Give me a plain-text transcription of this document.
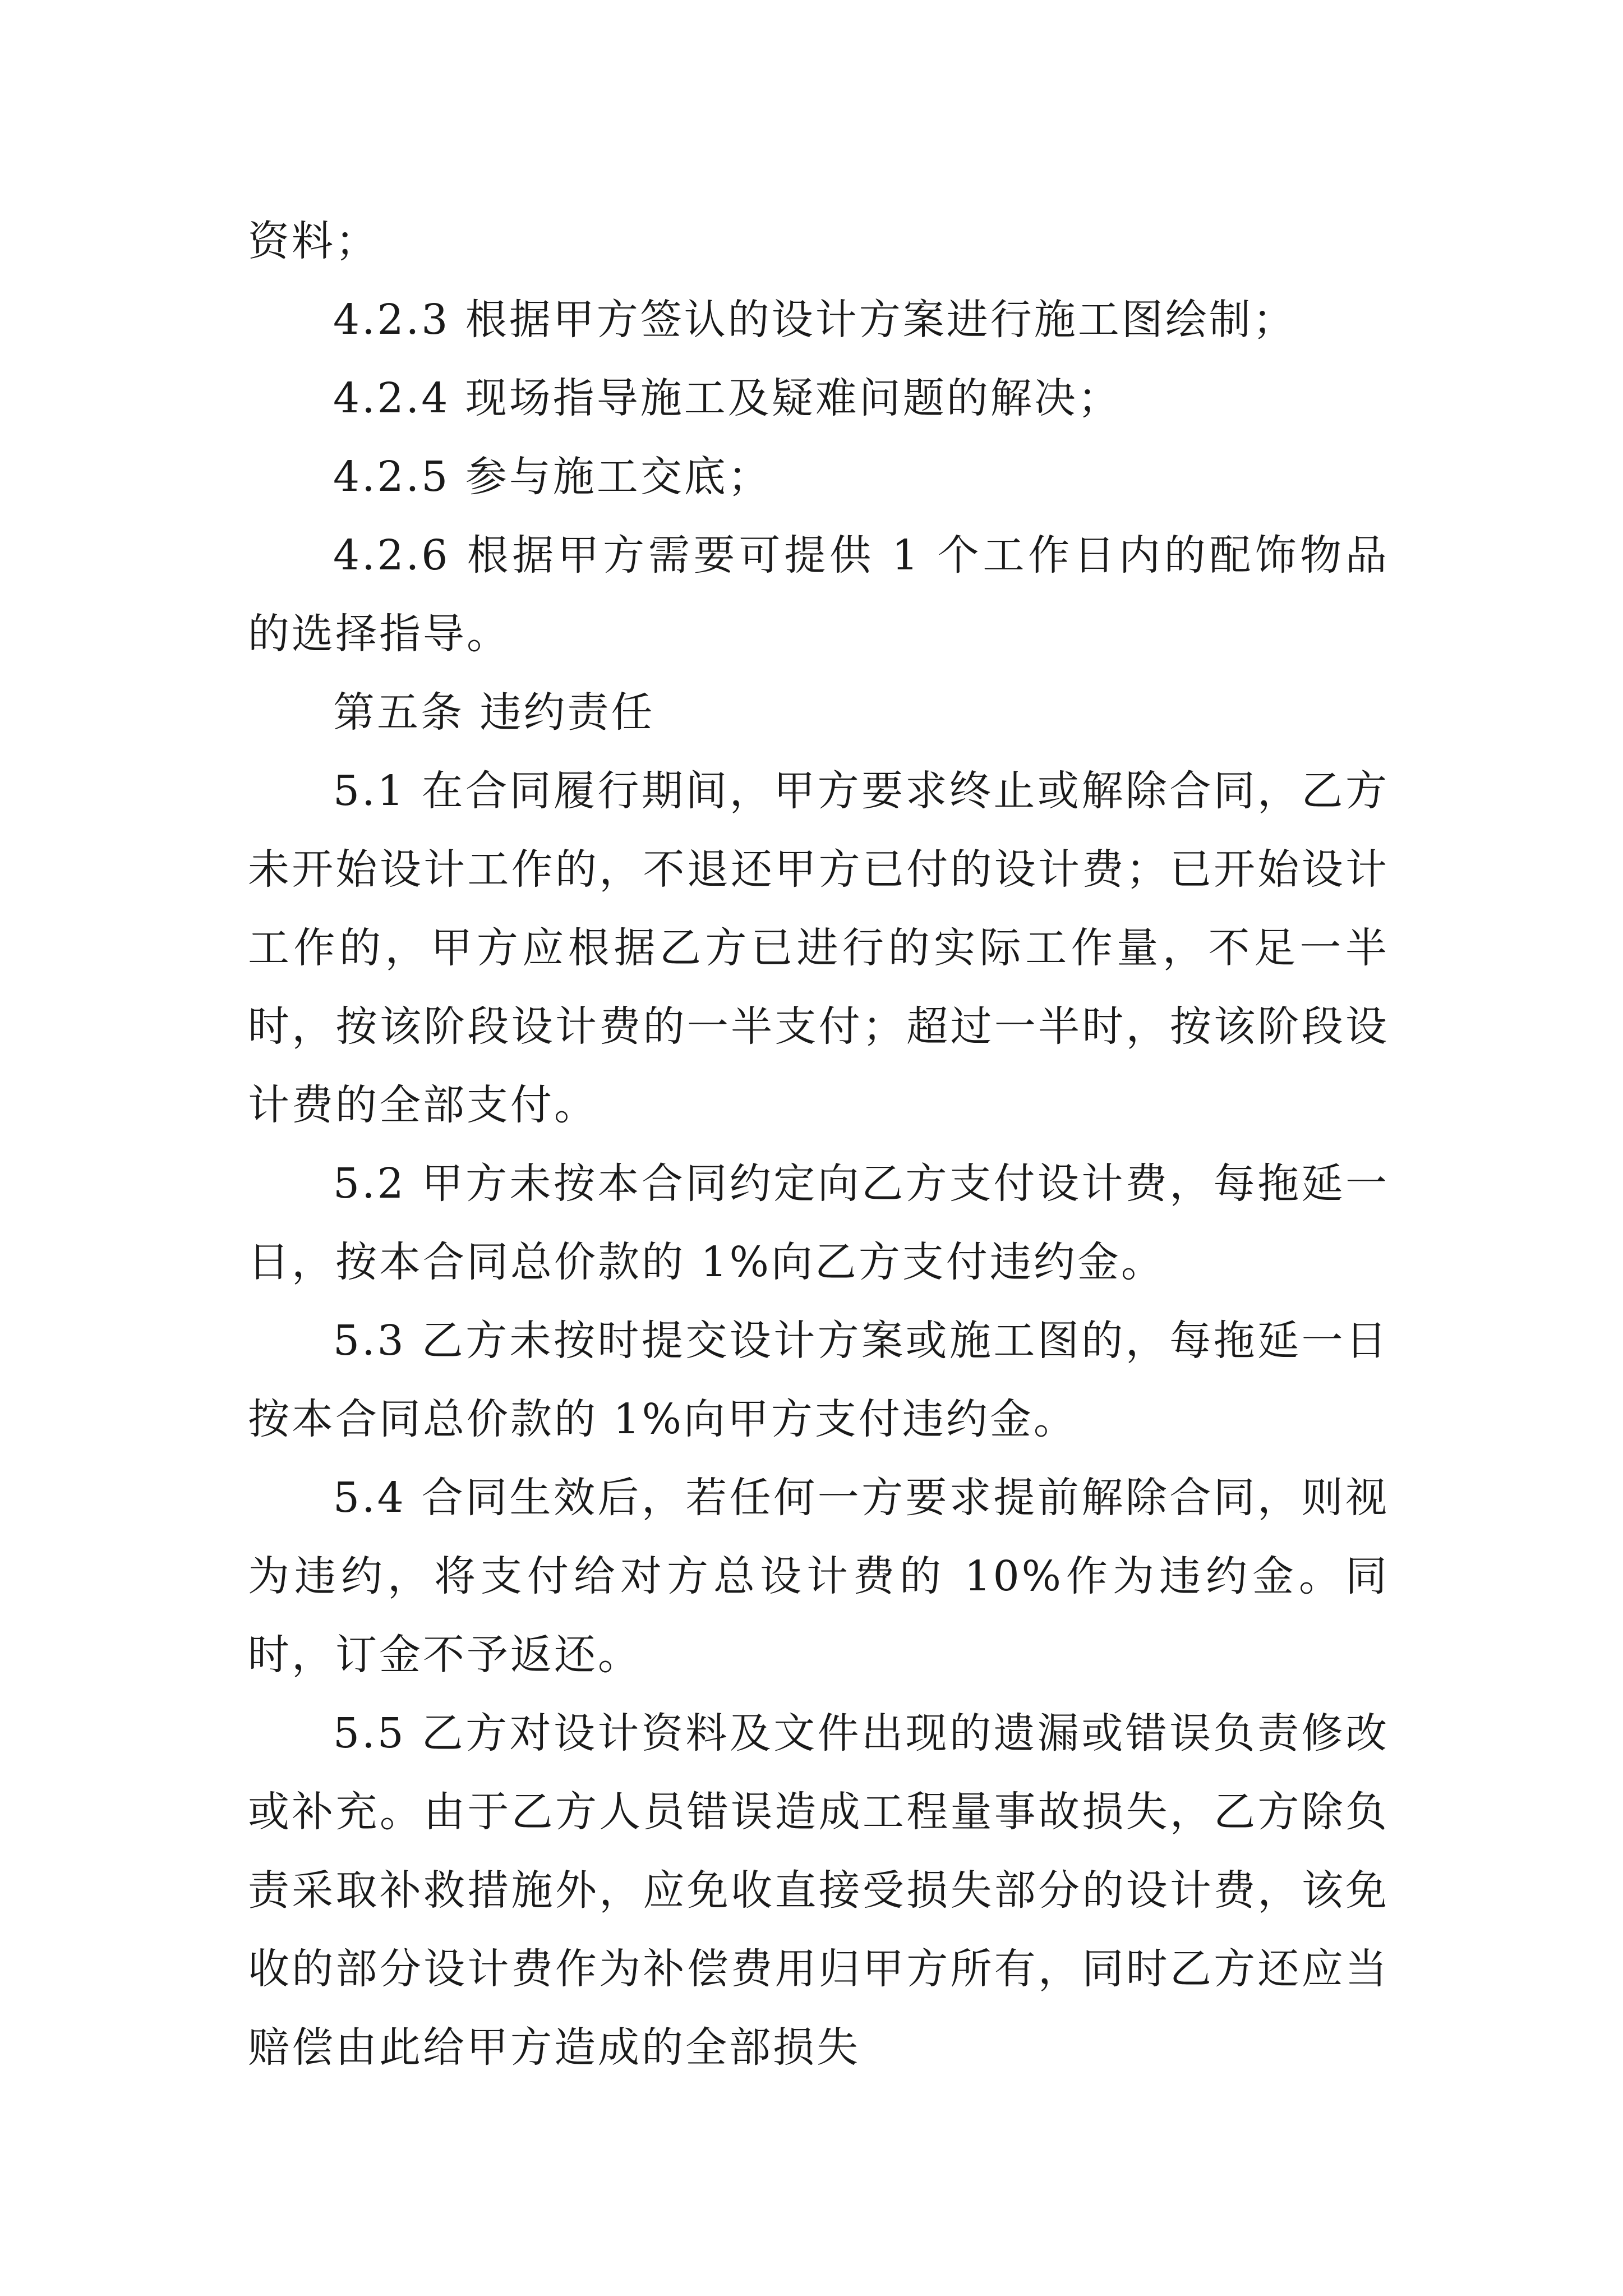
资料；

4.2.3 根据甲方签认的设计方案进行施工图绘制；

4.2.4 现场指导施工及疑难问题的解决；

4.2.5 参与施工交底；

4.2.6 根据甲方需要可提供 1 个工作日内的配饰物品的选择指导。

第五条 违约责任

5.1 在合同履行期间，甲方要求终止或解除合同，乙方未开始设计工作的，不退还甲方已付的设计费；已开始设计工作的，甲方应根据乙方已进行的实际工作量，不足一半时，按该阶段设计费的一半支付；超过一半时，按该阶段设计费的全部支付。

5.2 甲方未按本合同约定向乙方支付设计费，每拖延一日，按本合同总价款的 1%向乙方支付违约金。

5.3 乙方未按时提交设计方案或施工图的，每拖延一日按本合同总价款的 1%向甲方支付违约金。

5.4 合同生效后，若任何一方要求提前解除合同，则视为违约，将支付给对方总设计费的 10%作为违约金。同时，订金不予返还。

5.5 乙方对设计资料及文件出现的遗漏或错误负责修改或补充。由于乙方人员错误造成工程量事故损失，乙方除负责采取补救措施外，应免收直接受损失部分的设计费，该免收的部分设计费作为补偿费用归甲方所有，同时乙方还应当赔偿由此给甲方造成的全部损失
